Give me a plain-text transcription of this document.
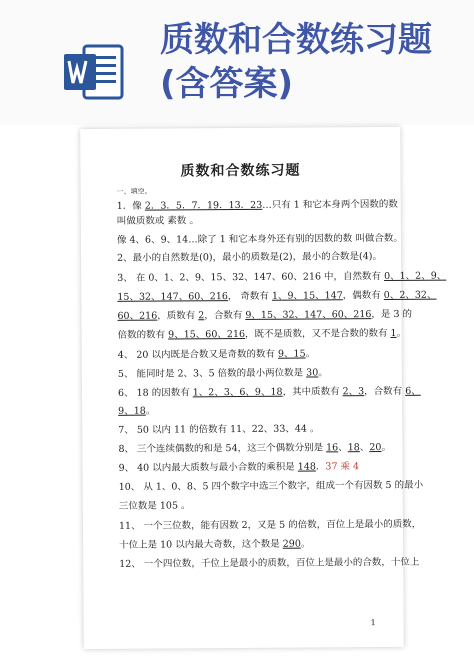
质数和合数练习题
(含答案)
质数和合数练习题
一、填空。
1．像 2．3．5．7．19．13．23…只有 1 和它本身两个因数的数
叫做质数或 素数 。
像 4、6、9、14…除了 1 和它本身外还有别的因数的数 叫做合数。
2、最小的自然数是(0)，最小的质数是(2)，最小的合数是(4)。
3、 在 0、1、2、9、15、32、147、60、216 中，自然数有 0、1、2、9、
15、32、147、60、216， 奇数有 1、9、15、147，偶数有 0、2、32、
60、216，质数有 2，合数有 9、15、32、147、60、216，是 3 的
倍数的数有 9、15、60、216，既不是质数，又不是合数的数有 1。
4、 20 以内既是合数又是奇数的数有 9、15。
5、 能同时是 2、3、5 倍数的最小两位数是 30。
6、 18 的因数有 1、2、3、6、9、18，其中质数有 2、3，合数有 6、
9、18。
7、 50 以内 11 的倍数有 11、22、33、44 。
8、 三个连续偶数的和是 54，这三个偶数分别是 16、18、20。
9、 40 以内最大质数与最小合数的乘积是 148．37 乘 4
10、 从 1、0、8、5 四个数字中选三个数字，组成一个有因数 5 的最小
三位数是 105 。
11、 一个三位数，能有因数 2，又是 5 的倍数，百位上是最小的质数，
十位上是 10 以内最大奇数，这个数是 290。
12、 一个四位数，千位上是最小的质数，百位上是最小的合数，十位上
1
